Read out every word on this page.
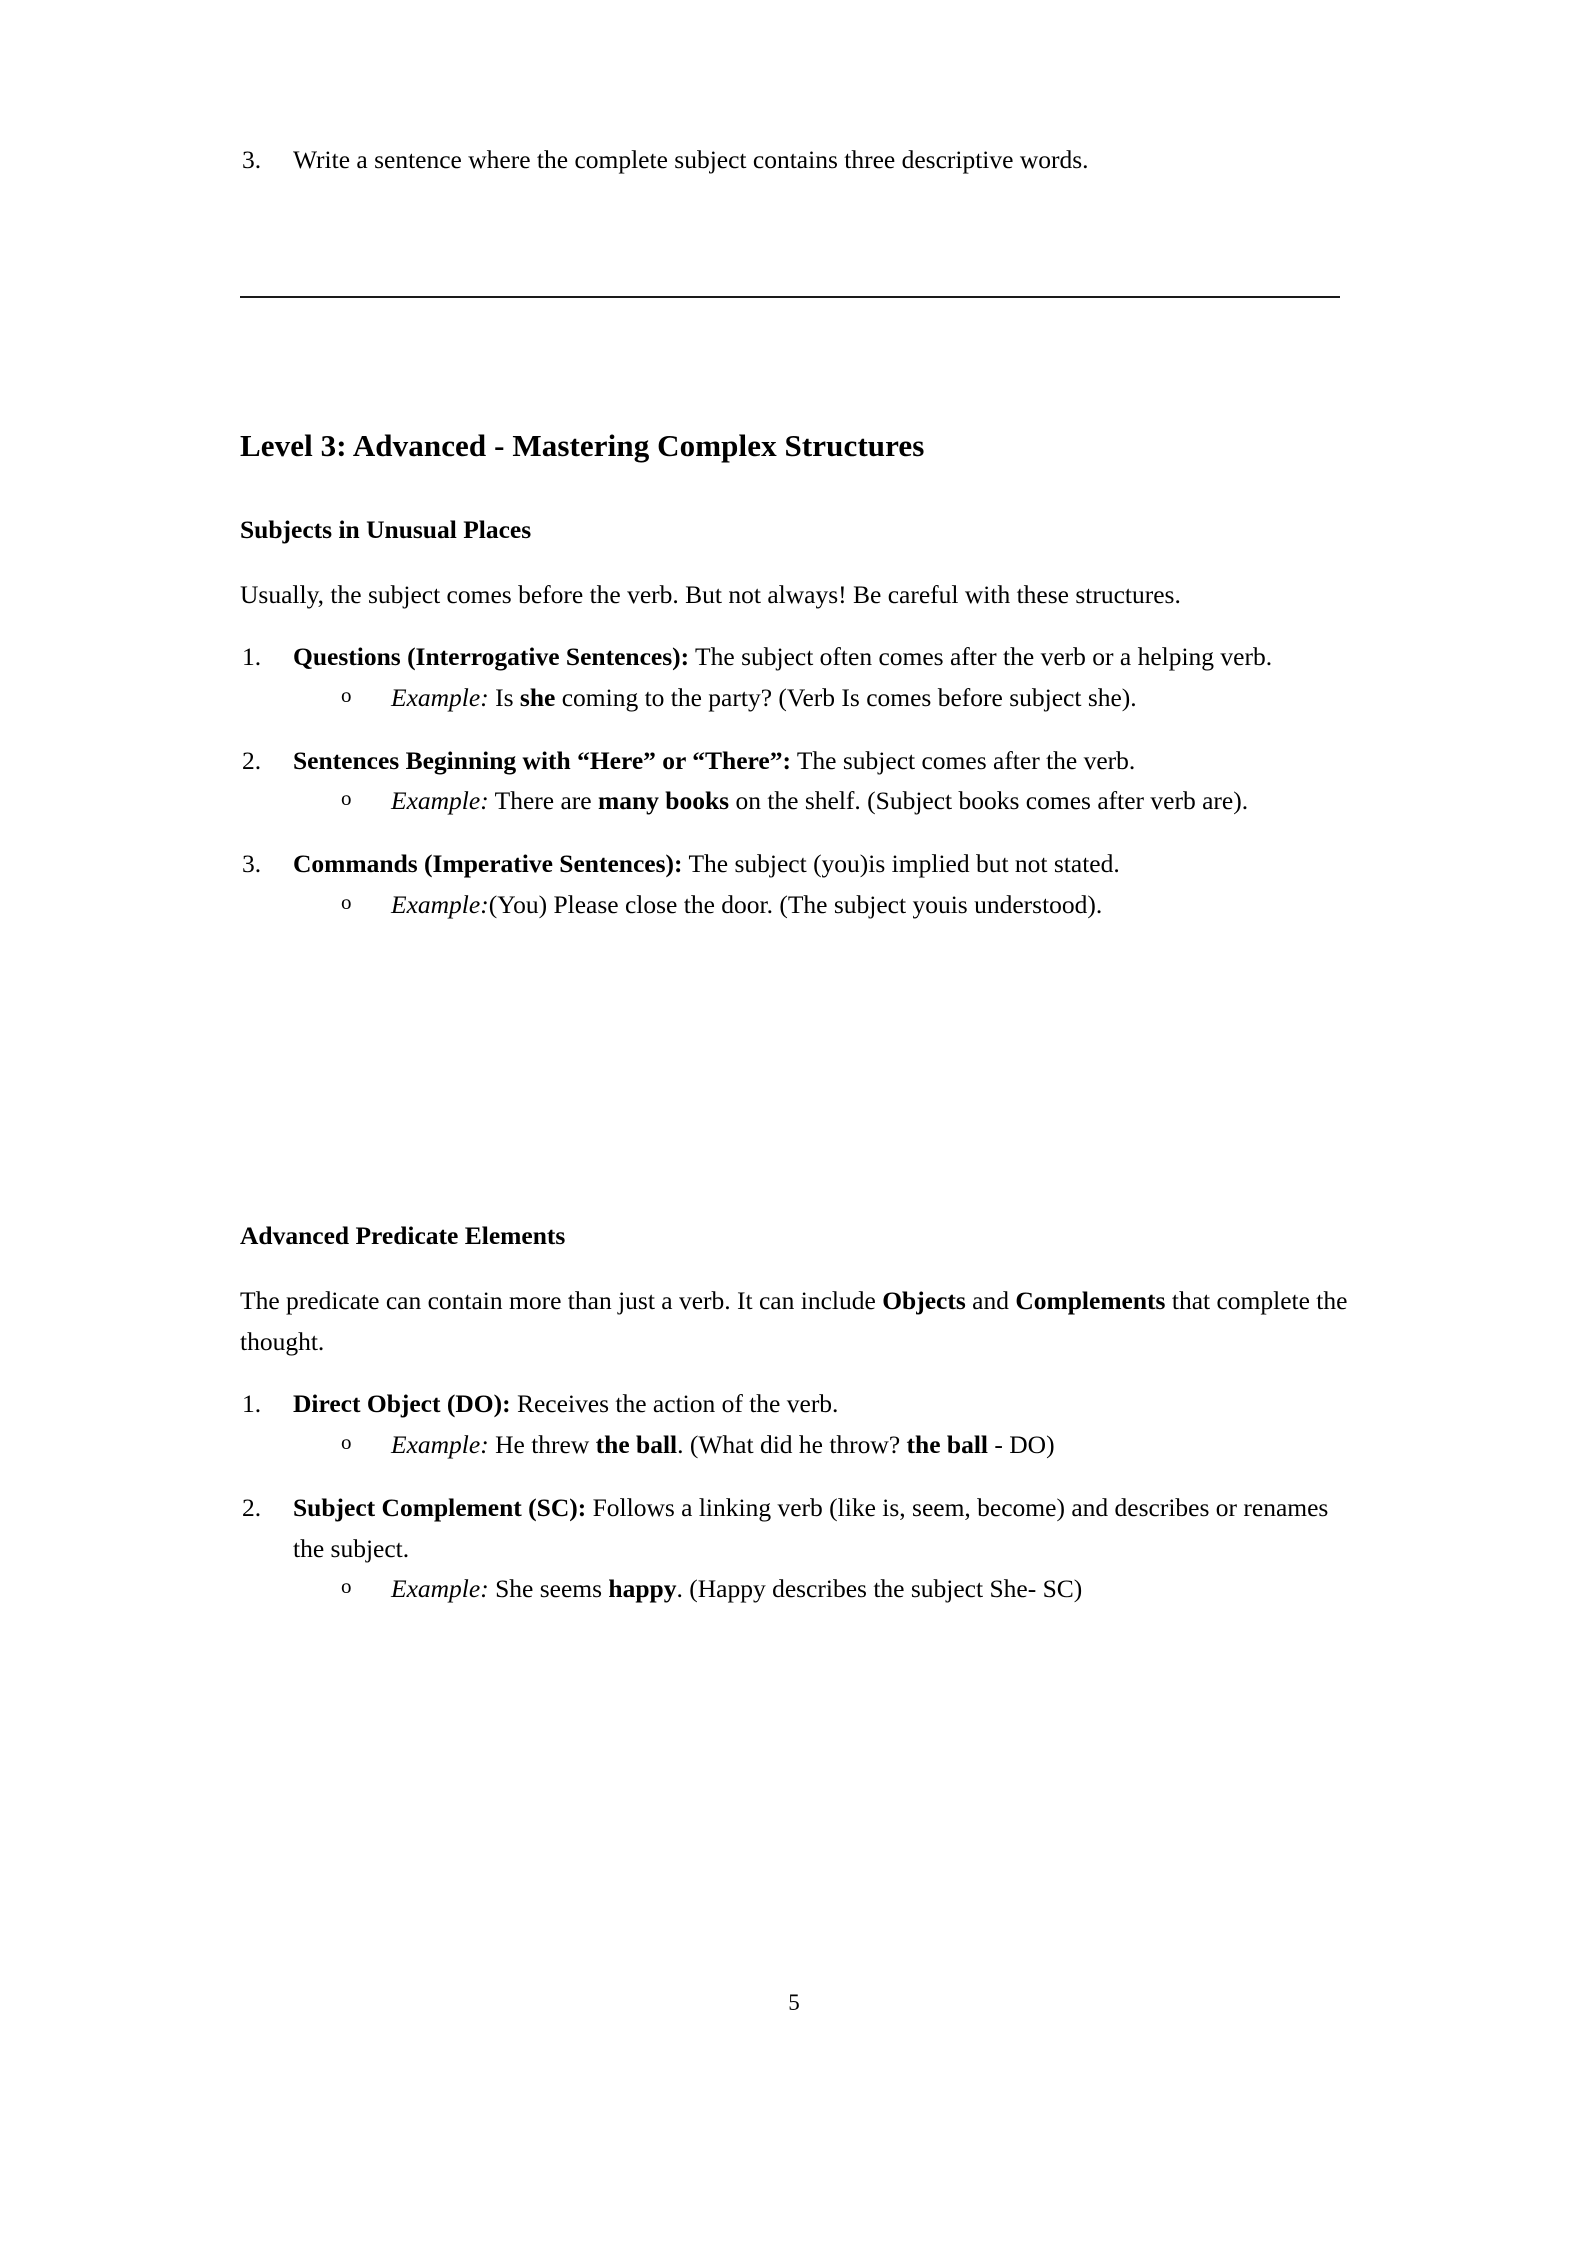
3. Write a sentence where the complete subject contains three descriptive words.
Level 3: Advanced - Mastering Complex Structures
Subjects in Unusual Places

Usually, the subject comes before the verb. But not always! Be careful with these structures.

1. Questions (Interrogative Sentences): The subject often comes after the verb or a helping verb.
o Example: Is she coming to the party? (Verb Is comes before subject she).
2. Sentences Beginning with “Here” or “There”: The subject comes after the verb.
o Example: There are many books on the shelf. (Subject books comes after verb are).
3. Commands (Imperative Sentences): The subject (you)is implied but not stated.
o Example:(You) Please close the door. (The subject youis understood).
Advanced Predicate Elements

The predicate can contain more than just a verb. It can include Objects and Complements that complete the thought.

1. Direct Object (DO): Receives the action of the verb.
o Example: He threw the ball. (What did he throw? the ball - DO)
2. Subject Complement (SC): Follows a linking verb (like is, seem, become) and describes or renames the subject.
o Example: She seems happy. (Happy describes the subject She- SC)
5
